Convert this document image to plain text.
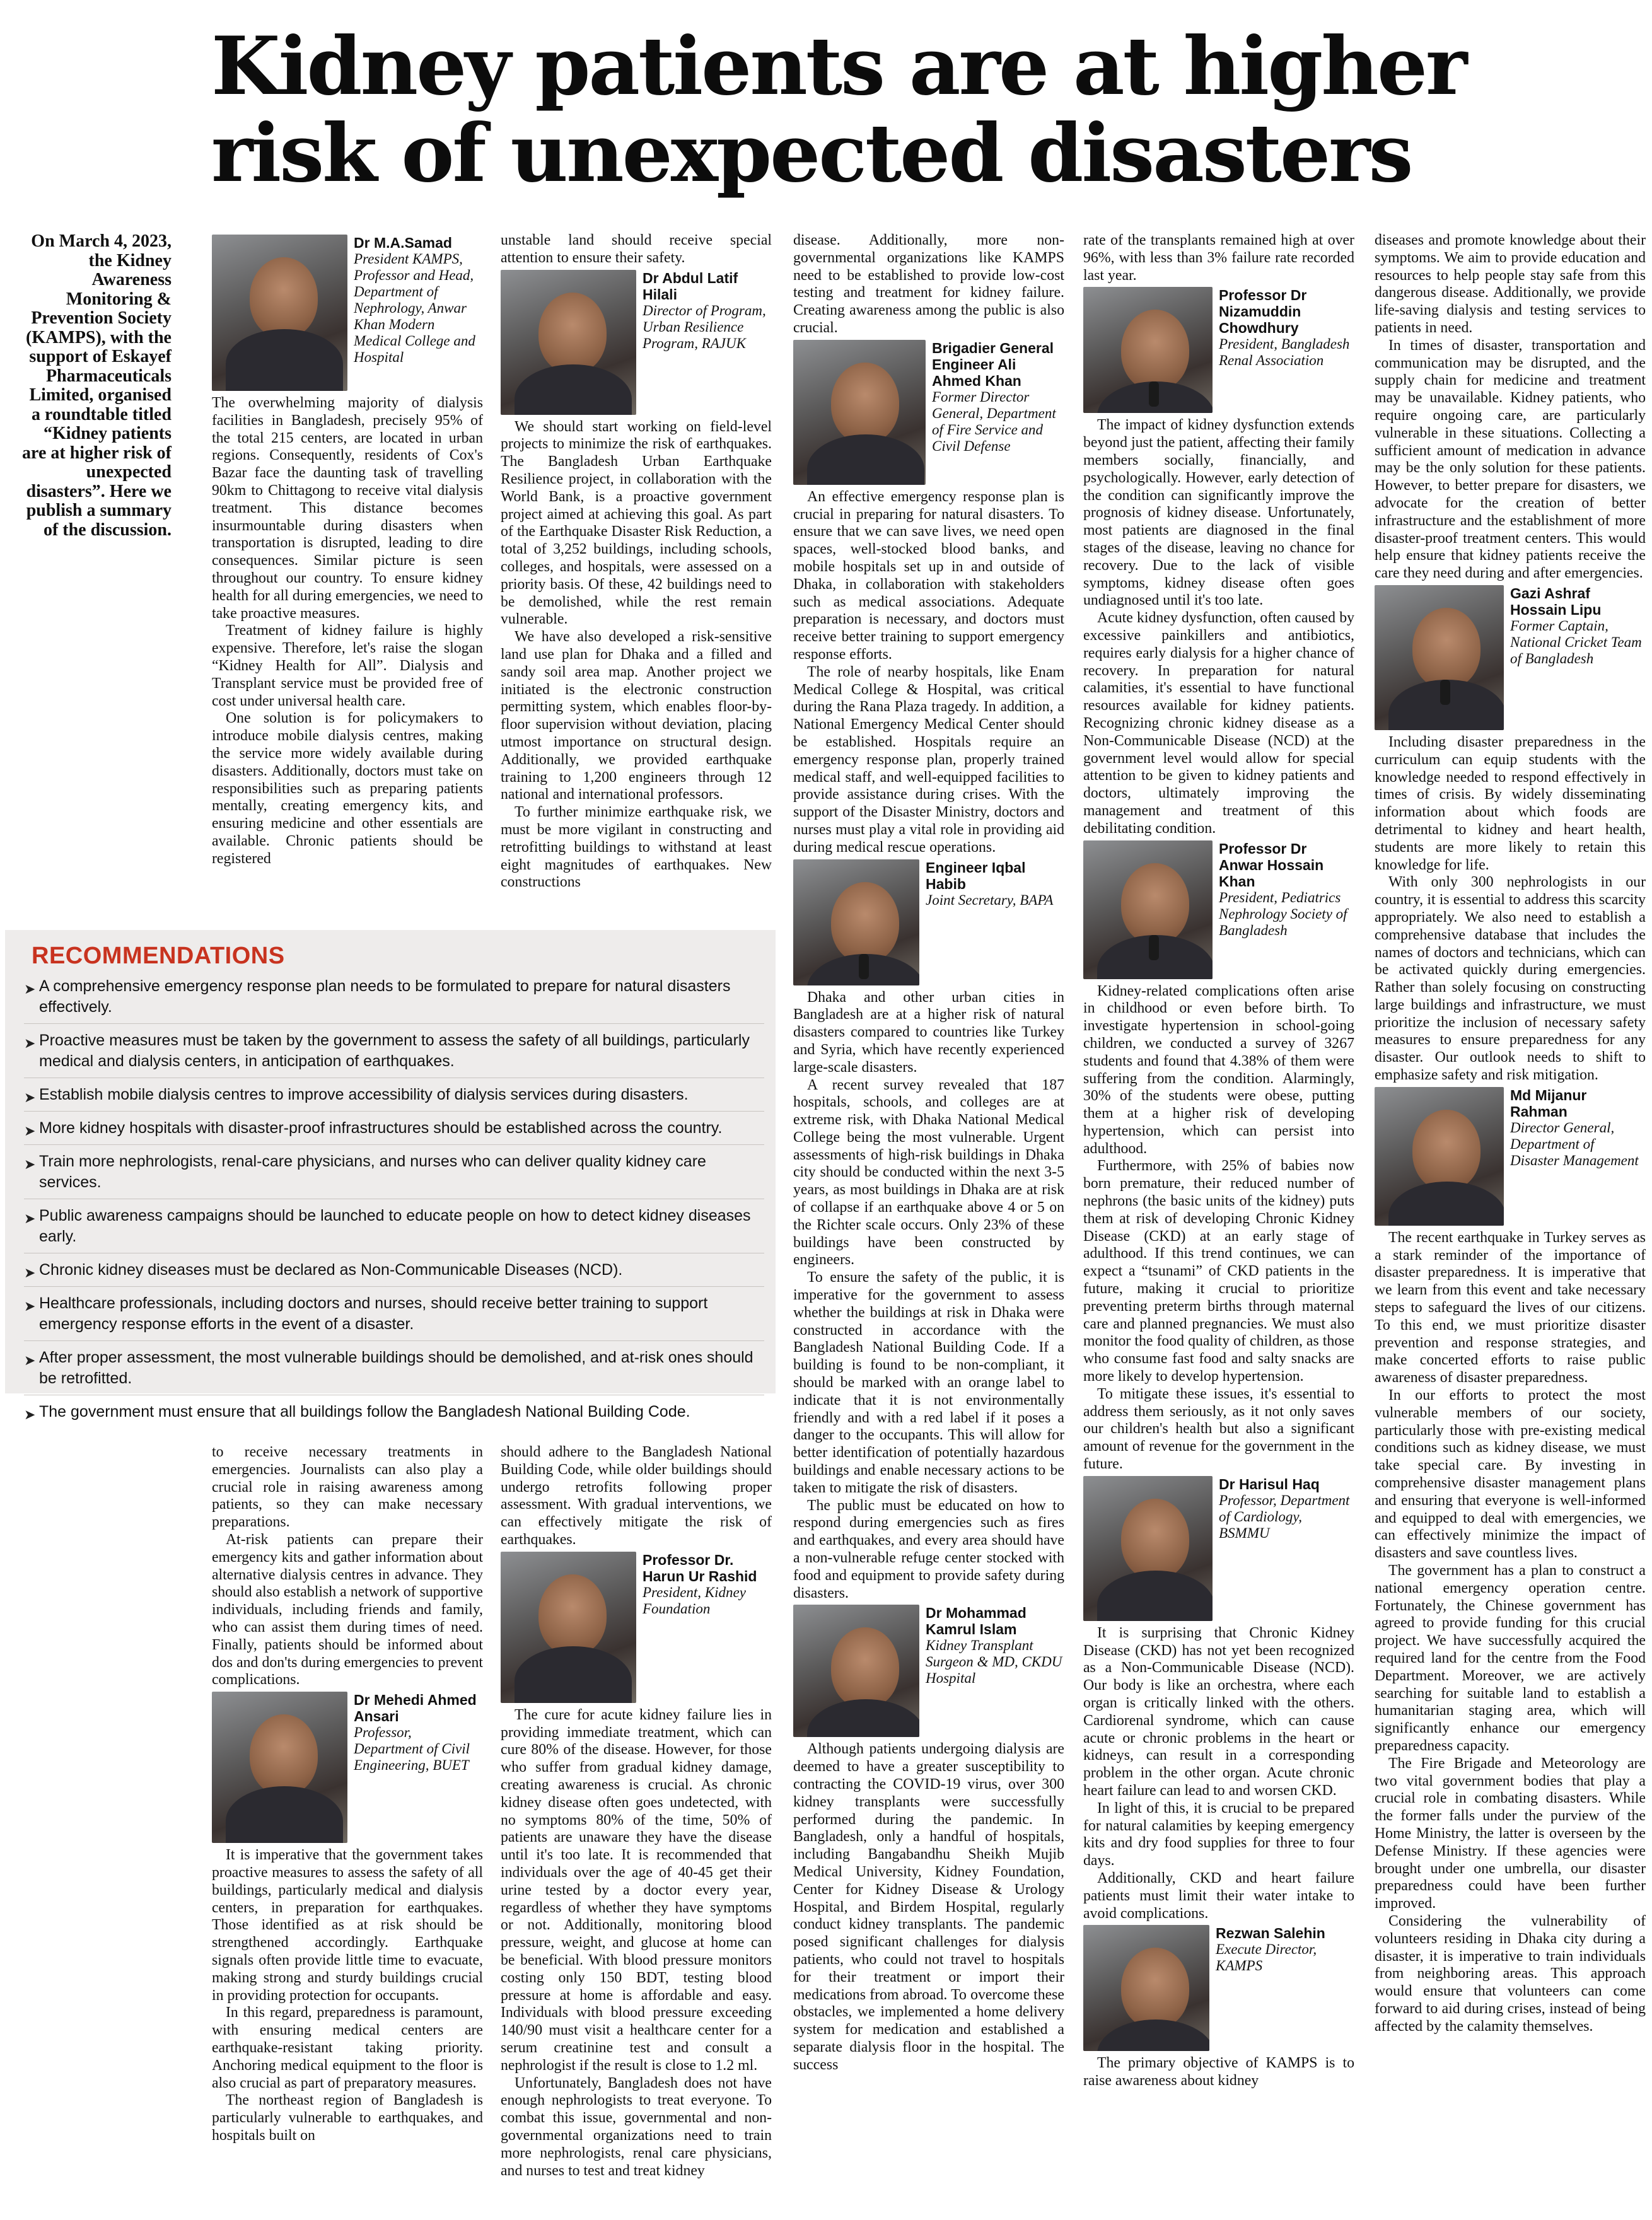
Kidney patients are at higher risk of unexpected disasters

On March 4, 2023, the Kidney Awareness Monitoring & Prevention Society (KAMPS), with the support of Eskayef Pharmaceuticals Limited, organised a roundtable titled “Kidney patients are at higher risk of unexpected disasters”. Here we publish a summary of the discussion.

Dr M.A.Samad
President KAMPS, Professor and Head, Department of Nephrology, Anwar Khan Modern Medical College and Hospital

The overwhelming majority of dialysis facilities in Bangladesh, precisely 95% of the total 215 centers, are located in urban regions. Consequently, residents of Cox's Bazar face the daunting task of travelling 90km to Chittagong to receive vital dialysis treatment. This distance becomes insurmountable during disasters when transportation is disrupted, leading to dire consequences. Similar picture is seen throughout our country. To ensure kidney health for all during emergencies, we need to take proactive measures.

Treatment of kidney failure is highly expensive. Therefore, let's raise the slogan “Kidney Health for All”. Dialysis and Transplant service must be provided free of cost under universal health care.

One solution is for policymakers to introduce mobile dialysis centres, making the service more widely available during disasters. Additionally, doctors must take on responsibilities such as preparing patients mentally, creating emergency kits, and ensuring medicine and other essentials are available. Chronic patients should be registered

unstable land should receive special attention to ensure their safety.

Dr Abdul Latif Hilali
Director of Program, Urban Resilience Program, RAJUK

We should start working on field-level projects to minimize the risk of earthquakes. The Bangladesh Urban Earthquake Resilience project, in collaboration with the World Bank, is a proactive government project aimed at achieving this goal. As part of the Earthquake Disaster Risk Reduction, a total of 3,252 buildings, including schools, colleges, and hospitals, were assessed on a priority basis. Of these, 42 buildings need to be demolished, while the rest remain vulnerable.

We have also developed a risk-sensitive land use plan for Dhaka and a filled and sandy soil area map. Another project we initiated is the electronic construction permitting system, which enables floor-by-floor supervision without deviation, placing utmost importance on structural design. Additionally, we provided earthquake training to 1,200 engineers through 12 national and international professors.

To further minimize earthquake risk, we must be more vigilant in constructing and retrofitting buildings to withstand at least eight magnitudes of earthquakes. New constructions

RECOMMENDATIONS
➤ A comprehensive emergency response plan needs to be formulated to prepare for natural disasters effectively.
➤ Proactive measures must be taken by the government to assess the safety of all buildings, particularly medical and dialysis centers, in anticipation of earthquakes.
➤ Establish mobile dialysis centres to improve accessibility of dialysis services during disasters.
➤ More kidney hospitals with disaster-proof infrastructures should be established across the country.
➤ Train more nephrologists, renal-care physicians, and nurses who can deliver quality kidney care services.
➤ Public awareness campaigns should be launched to educate people on how to detect kidney diseases early.
➤ Chronic kidney diseases must be declared as Non-Communicable Diseases (NCD).
➤ Healthcare professionals, including doctors and nurses, should receive better training to support emergency response efforts in the event of a disaster.
➤ After proper assessment, the most vulnerable buildings should be demolished, and at-risk ones should be retrofitted.
➤ The government must ensure that all buildings follow the Bangladesh National Building Code.

to receive necessary treatments in emergencies. Journalists can also play a crucial role in raising awareness among patients, so they can make necessary preparations.

At-risk patients can prepare their emergency kits and gather information about alternative dialysis centres in advance. They should also establish a network of supportive individuals, including friends and family, who can assist them during times of need. Finally, patients should be informed about dos and don'ts during emergencies to prevent complications.

Dr Mehedi Ahmed Ansari
Professor, Department of Civil Engineering, BUET

It is imperative that the government takes proactive measures to assess the safety of all buildings, particularly medical and dialysis centers, in preparation for earthquakes. Those identified as at risk should be strengthened accordingly. Earthquake signals often provide little time to evacuate, making strong and sturdy buildings crucial in providing protection for occupants.

In this regard, preparedness is paramount, with ensuring medical centers are earthquake-resistant taking priority. Anchoring medical equipment to the floor is also crucial as part of preparatory measures.

The northeast region of Bangladesh is particularly vulnerable to earthquakes, and hospitals built on

should adhere to the Bangladesh National Building Code, while older buildings should undergo retrofits following proper assessment. With gradual interventions, we can effectively mitigate the risk of earthquakes.

Professor Dr. Harun Ur Rashid
President, Kidney Foundation

The cure for acute kidney failure lies in providing immediate treatment, which can cure 80% of the disease. However, for those who suffer from gradual kidney damage, creating awareness is crucial. As chronic kidney disease often goes undetected, with no symptoms 80% of the time, 50% of patients are unaware they have the disease until it's too late. It is recommended that individuals over the age of 40-45 get their urine tested by a doctor every year, regardless of whether they have symptoms or not. Additionally, monitoring blood pressure, weight, and glucose at home can be beneficial. With blood pressure monitors costing only 150 BDT, testing blood pressure at home is affordable and easy. Individuals with blood pressure exceeding 140/90 must visit a healthcare center for a serum creatinine test and consult a nephrologist if the result is close to 1.2 ml.

Unfortunately, Bangladesh does not have enough nephrologists to treat everyone. To combat this issue, governmental and non-governmental organizations need to train more nephrologists, renal care physicians, and nurses to test and treat kidney

disease. Additionally, more non-governmental organizations like KAMPS need to be established to provide low-cost testing and treatment for kidney failure. Creating awareness among the public is also crucial.

Brigadier General Engineer Ali Ahmed Khan
Former Director General, Department of Fire Service and Civil Defense

An effective emergency response plan is crucial in preparing for natural disasters. To ensure that we can save lives, we need open spaces, well-stocked blood banks, and mobile hospitals set up in and outside of Dhaka, in collaboration with stakeholders such as medical associations. Adequate preparation is necessary, and doctors must receive better training to support emergency response efforts.

The role of nearby hospitals, like Enam Medical College & Hospital, was critical during the Rana Plaza tragedy. In addition, a National Emergency Medical Center should be established. Hospitals require an emergency response plan, properly trained medical staff, and well-equipped facilities to provide assistance during crises. With the support of the Disaster Ministry, doctors and nurses must play a vital role in providing aid during medical rescue operations.

Engineer Iqbal Habib
Joint Secretary, BAPA

Dhaka and other urban cities in Bangladesh are at a higher risk of natural disasters compared to countries like Turkey and Syria, which have recently experienced large-scale disasters.

A recent survey revealed that 187 hospitals, schools, and colleges are at extreme risk, with Dhaka National Medical College being the most vulnerable. Urgent assessments of high-risk buildings in Dhaka city should be conducted within the next 3-5 years, as most buildings in Dhaka are at risk of collapse if an earthquake above 4 or 5 on the Richter scale occurs. Only 23% of these buildings have been constructed by engineers.

To ensure the safety of the public, it is imperative for the government to assess whether the buildings at risk in Dhaka were constructed in accordance with the Bangladesh National Building Code. If a building is found to be non-compliant, it should be marked with an orange label to indicate that it is not environmentally friendly and with a red label if it poses a danger to the occupants. This will allow for better identification of potentially hazardous buildings and enable necessary actions to be taken to mitigate the risk of disasters.

The public must be educated on how to respond during emergencies such as fires and earthquakes, and every area should have a non-vulnerable refuge center stocked with food and equipment to provide safety during disasters.

Dr Mohammad Kamrul Islam
Kidney Transplant Surgeon & MD, CKDU Hospital

Although patients undergoing dialysis are deemed to have a greater susceptibility to contracting the COVID-19 virus, over 300 kidney transplants were successfully performed during the pandemic. In Bangladesh, only a handful of hospitals, including Bangabandhu Sheikh Mujib Medical University, Kidney Foundation, Center for Kidney Disease & Urology Hospital, and Birdem Hospital, regularly conduct kidney transplants. The pandemic posed significant challenges for dialysis patients, who could not travel to hospitals for their treatment or import their medications from abroad. To overcome these obstacles, we implemented a home delivery system for medication and established a separate dialysis floor in the hospital. The success

rate of the transplants remained high at over 96%, with less than 3% failure rate recorded last year.

Professor Dr Nizamuddin Chowdhury
President, Bangladesh Renal Association

The impact of kidney dysfunction extends beyond just the patient, affecting their family members socially, financially, and psychologically. However, early detection of the condition can significantly improve the prognosis of kidney disease. Unfortunately, most patients are diagnosed in the final stages of the disease, leaving no chance for recovery. Due to the lack of visible symptoms, kidney disease often goes undiagnosed until it's too late.

Acute kidney dysfunction, often caused by excessive painkillers and antibiotics, requires early dialysis for a higher chance of recovery. In preparation for natural calamities, it's essential to have functional resources available for kidney patients. Recognizing chronic kidney disease as a Non-Communicable Disease (NCD) at the government level would allow for special attention to be given to kidney patients and doctors, ultimately improving the management and treatment of this debilitating condition.

Professor Dr Anwar Hossain Khan
President, Pediatrics Nephrology Society of Bangladesh

Kidney-related complications often arise in childhood or even before birth. To investigate hypertension in school-going children, we conducted a survey of 3267 students and found that 4.38% of them were suffering from the condition. Alarmingly, 30% of the students were obese, putting them at a higher risk of developing hypertension, which can persist into adulthood.

Furthermore, with 25% of babies now born premature, their reduced number of nephrons (the basic units of the kidney) puts them at risk of developing Chronic Kidney Disease (CKD) at an early stage of adulthood. If this trend continues, we can expect a “tsunami” of CKD patients in the future, making it crucial to prioritize preventing preterm births through maternal care and planned pregnancies. We must also monitor the food quality of children, as those who consume fast food and salty snacks are more likely to develop hypertension.

To mitigate these issues, it's essential to address them seriously, as it not only saves our children's health but also a significant amount of revenue for the government in the future.

Dr Harisul Haq
Professor, Department of Cardiology, BSMMU

It is surprising that Chronic Kidney Disease (CKD) has not yet been recognized as a Non-Communicable Disease (NCD). Our body is like an orchestra, where each organ is critically linked with the others. Cardiorenal syndrome, which can cause acute or chronic problems in the heart or kidneys, can result in a corresponding problem in the other organ. Acute chronic heart failure can lead to and worsen CKD.

In light of this, it is crucial to be prepared for natural calamities by keeping emergency kits and dry food supplies for three to four days.

Additionally, CKD and heart failure patients must limit their water intake to avoid complications.

Rezwan Salehin
Execute Director, KAMPS

The primary objective of KAMPS is to raise awareness about kidney

diseases and promote knowledge about their symptoms. We aim to provide education and resources to help people stay safe from this dangerous disease. Additionally, we provide life-saving dialysis and testing services to patients in need.

In times of disaster, transportation and communication may be disrupted, and the supply chain for medicine and treatment may be unavailable. Kidney patients, who require ongoing care, are particularly vulnerable in these situations. Collecting a sufficient amount of medication in advance may be the only solution for these patients. However, to better prepare for disasters, we advocate for the creation of better infrastructure and the establishment of more disaster-proof treatment centers. This would help ensure that kidney patients receive the care they need during and after emergencies.

Gazi Ashraf Hossain Lipu
Former Captain, National Cricket Team of Bangladesh

Including disaster preparedness in the curriculum can equip students with the knowledge needed to respond effectively in times of crisis. By widely disseminating information about which foods are detrimental to kidney and heart health, students are more likely to retain this knowledge for life.

With only 300 nephrologists in our country, it is essential to address this scarcity appropriately. We also need to establish a comprehensive database that includes the names of doctors and technicians, which can be activated quickly during emergencies. Rather than solely focusing on constructing large buildings and infrastructure, we must prioritize the inclusion of necessary safety measures to ensure preparedness for any disaster. Our outlook needs to shift to emphasize safety and risk mitigation.

Md Mijanur Rahman
Director General, Department of Disaster Management

The recent earthquake in Turkey serves as a stark reminder of the importance of disaster preparedness. It is imperative that we learn from this event and take necessary steps to safeguard the lives of our citizens. To this end, we must prioritize disaster prevention and response strategies, and make concerted efforts to raise public awareness of disaster preparedness.

In our efforts to protect the most vulnerable members of our society, particularly those with pre-existing medical conditions such as kidney disease, we must take special care. By investing in comprehensive disaster management plans and ensuring that everyone is well-informed and equipped to deal with emergencies, we can effectively minimize the impact of disasters and save countless lives.

The government has a plan to construct a national emergency operation centre. Fortunately, the Chinese government has agreed to provide funding for this crucial project. We have successfully acquired the required land for the centre from the Food Department. Moreover, we are actively searching for suitable land to establish a humanitarian staging area, which will significantly enhance our emergency preparedness capacity.

The Fire Brigade and Meteorology are two vital government bodies that play a crucial role in combating disasters. While the former falls under the purview of the Home Ministry, the latter is overseen by the Defense Ministry. If these agencies were brought under one umbrella, our disaster preparedness could have been further improved.

Considering the vulnerability of volunteers residing in Dhaka city during a disaster, it is imperative to train individuals from neighboring areas. This approach would ensure that volunteers can come forward to aid during crises, instead of being affected by the calamity themselves.
